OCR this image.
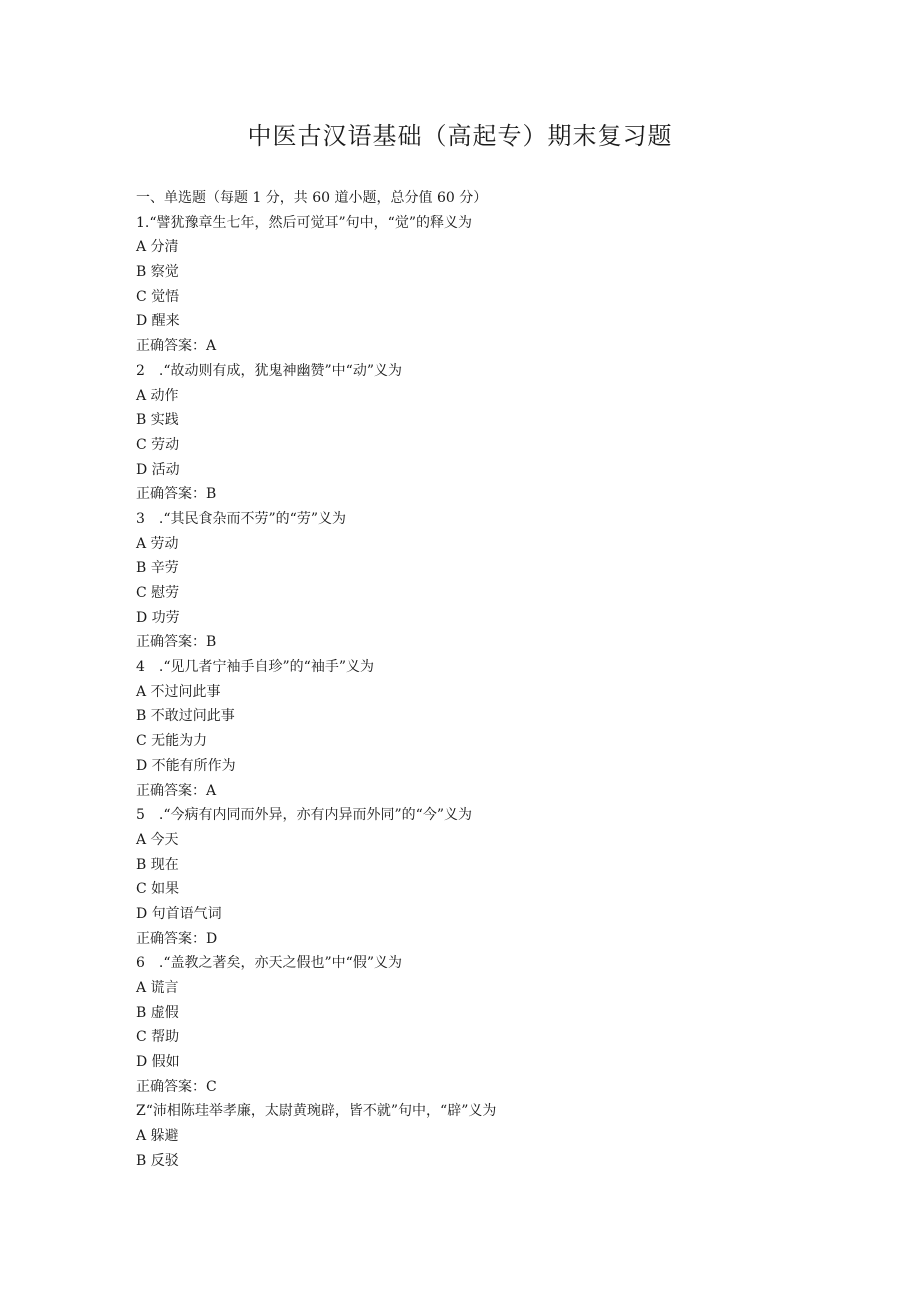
中医古汉语基础（高起专）期末复习题
一、单选题（每题 1 分，共 60 道小题，总分值 60 分）
1.“譬犹豫章生七年，然后可觉耳”句中，“觉”的释义为
A 分清
B 察觉
C 觉悟
D 醒来
正确答案：A
2　.“故动则有成，犹鬼神幽赞”中“动”义为
A 动作
B 实践
C 劳动
D 活动
正确答案：B
3　.“其民食杂而不劳”的“劳”义为
A 劳动
B 辛劳
C 慰劳
D 功劳
正确答案：B
4　.“见几者宁袖手自珍”的“袖手”义为
A 不过问此事
B 不敢过问此事
C 无能为力
D 不能有所作为
正确答案：A
5　.“今病有内同而外异，亦有内异而外同”的“今”义为
A 今天
B 现在
C 如果
D 句首语气词
正确答案：D
6　.“盖教之著矣，亦天之假也”中“假”义为
A 谎言
B 虚假
C 帮助
D 假如
正确答案：C
Z“沛相陈珪举孝廉，太尉黄琬辟，皆不就”句中，“辟”义为
A 躲避
B 反驳
